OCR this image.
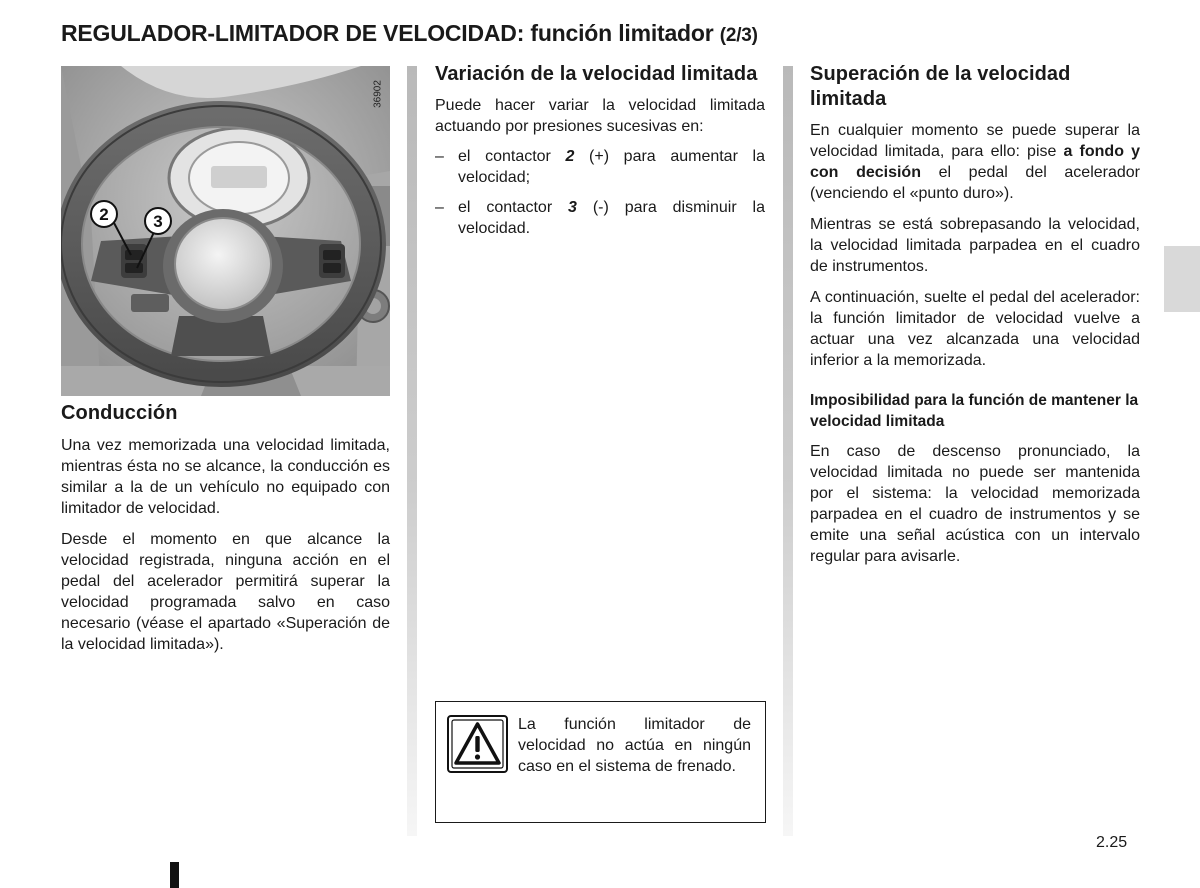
REGULADOR-LIMITADOR DE VELOCIDAD: función limitador (2/3)
2	3
36902
Conducción

Una vez memorizada una velocidad limitada, mientras ésta no se alcance, la conducción es similar a la de un vehículo no equipado con limitador de velocidad.

Desde el momento en que alcance la velocidad registrada, ninguna acción en el pedal del acelerador permitirá superar la velocidad programada salvo en caso necesario (véase el apartado «Superación de la velocidad limitada»).

Variación de la velocidad limitada

Puede hacer variar la velocidad limitada actuando por presiones sucesivas en:

– el contactor 2 (+) para aumentar la velocidad;
– el contactor 3 (-) para disminuir la velocidad.

La función limitador de velocidad no actúa en ningún caso en el sistema de frenado.

Superación de la velocidad limitada

En cualquier momento se puede superar la velocidad limitada, para ello: pise a fondo y con decisión el pedal del acelerador (venciendo el «punto duro»).

Mientras se está sobrepasando la velocidad, la velocidad limitada parpadea en el cuadro de instrumentos.

A continuación, suelte el pedal del acelerador: la función limitador de velocidad vuelve a actuar una vez alcanzada una velocidad inferior a la memorizada.

Imposibilidad para la función de mantener la velocidad limitada

En caso de descenso pronunciado, la velocidad limitada no puede ser mantenida por el sistema: la velocidad memorizada parpadea en el cuadro de instrumentos y se emite una señal acústica con un intervalo regular para avisarle.

2.25
